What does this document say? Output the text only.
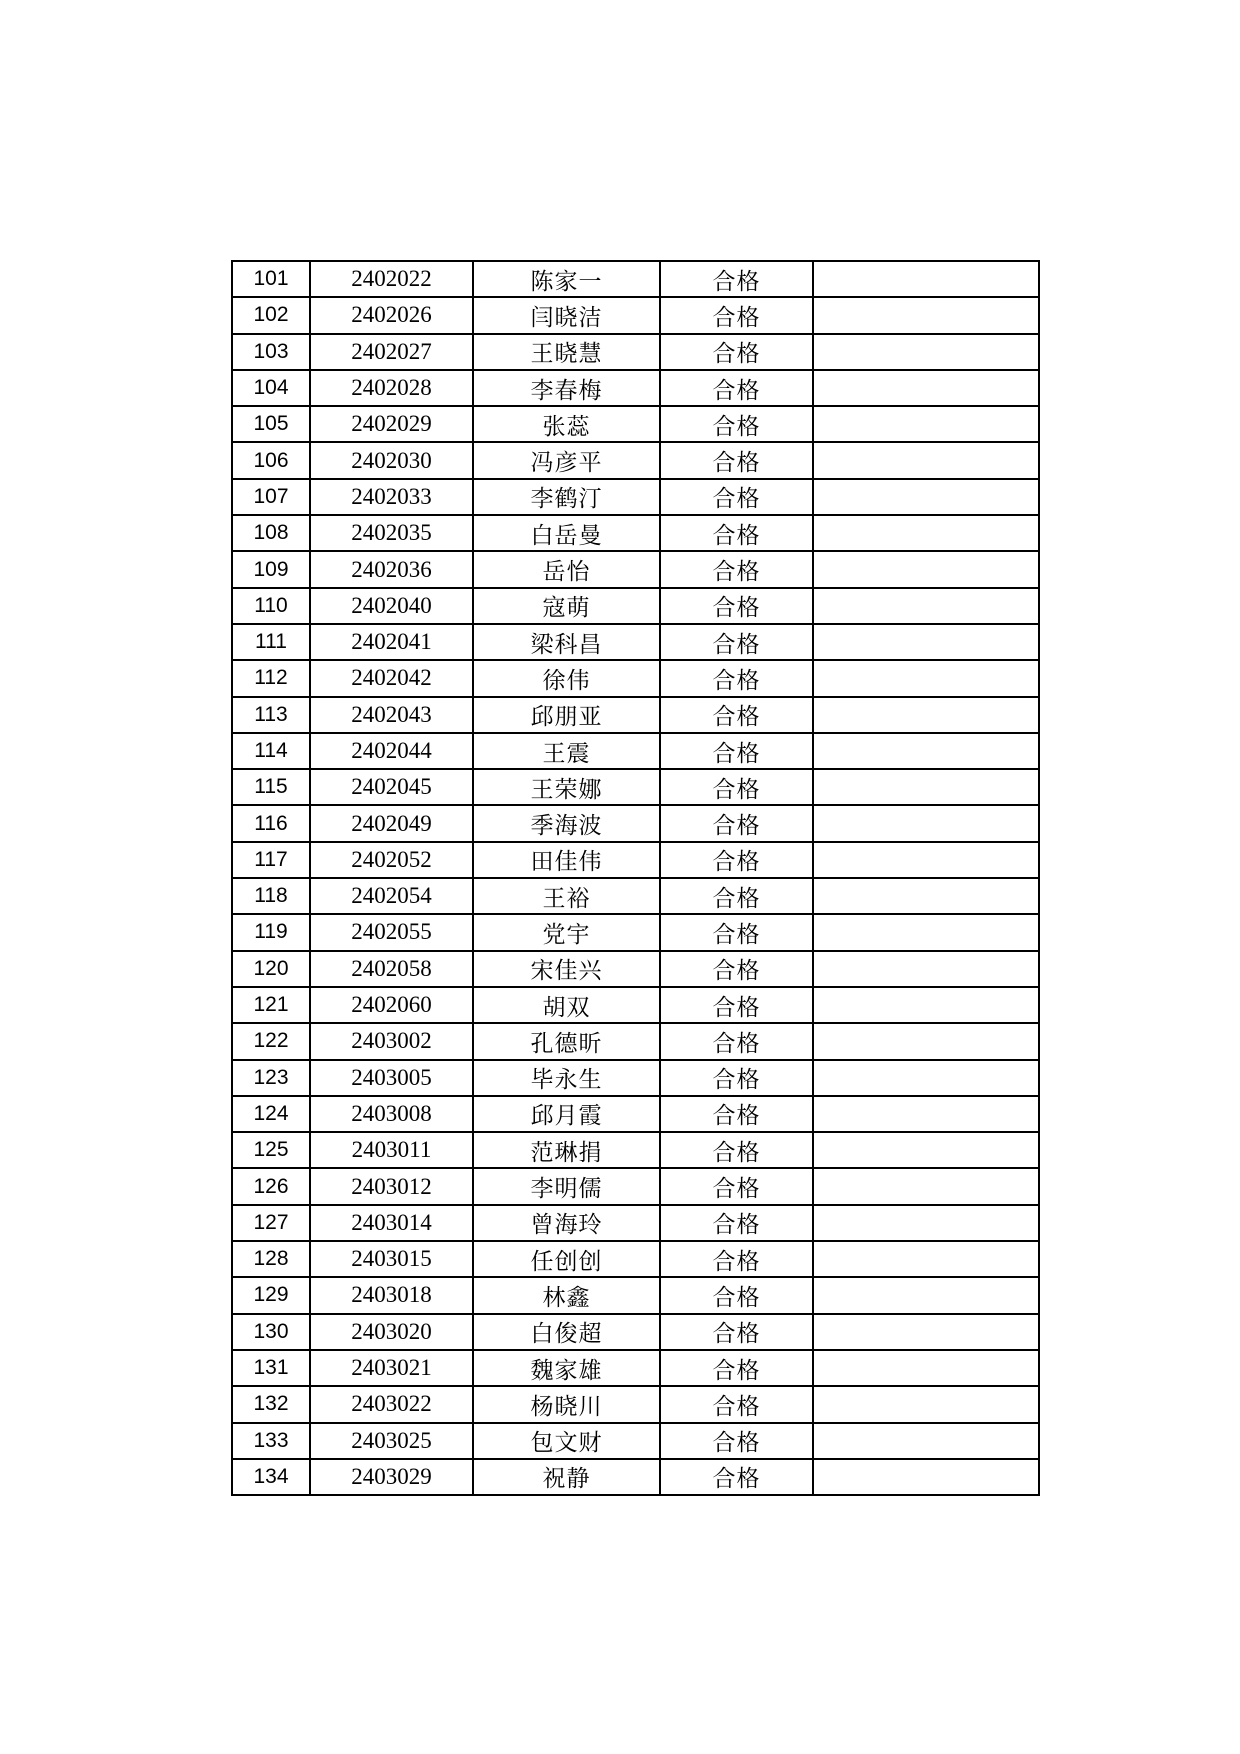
101	2402022	陈家一	合格	
102	2402026	闫晓洁	合格	
103	2402027	王晓慧	合格	
104	2402028	李春梅	合格	
105	2402029	张蕊	合格	
106	2402030	冯彦平	合格	
107	2402033	李鹤汀	合格	
108	2402035	白岳曼	合格	
109	2402036	岳怡	合格	
110	2402040	寇萌	合格	
111	2402041	梁科昌	合格	
112	2402042	徐伟	合格	
113	2402043	邱朋亚	合格	
114	2402044	王震	合格	
115	2402045	王荣娜	合格	
116	2402049	季海波	合格	
117	2402052	田佳伟	合格	
118	2402054	王裕	合格	
119	2402055	党宇	合格	
120	2402058	宋佳兴	合格	
121	2402060	胡双	合格	
122	2403002	孔德昕	合格	
123	2403005	毕永生	合格	
124	2403008	邱月霞	合格	
125	2403011	范琳捐	合格	
126	2403012	李明儒	合格	
127	2403014	曾海玲	合格	
128	2403015	任创创	合格	
129	2403018	林鑫	合格	
130	2403020	白俊超	合格	
131	2403021	魏家雄	合格	
132	2403022	杨晓川	合格	
133	2403025	包文财	合格	
134	2403029	祝静	合格	
